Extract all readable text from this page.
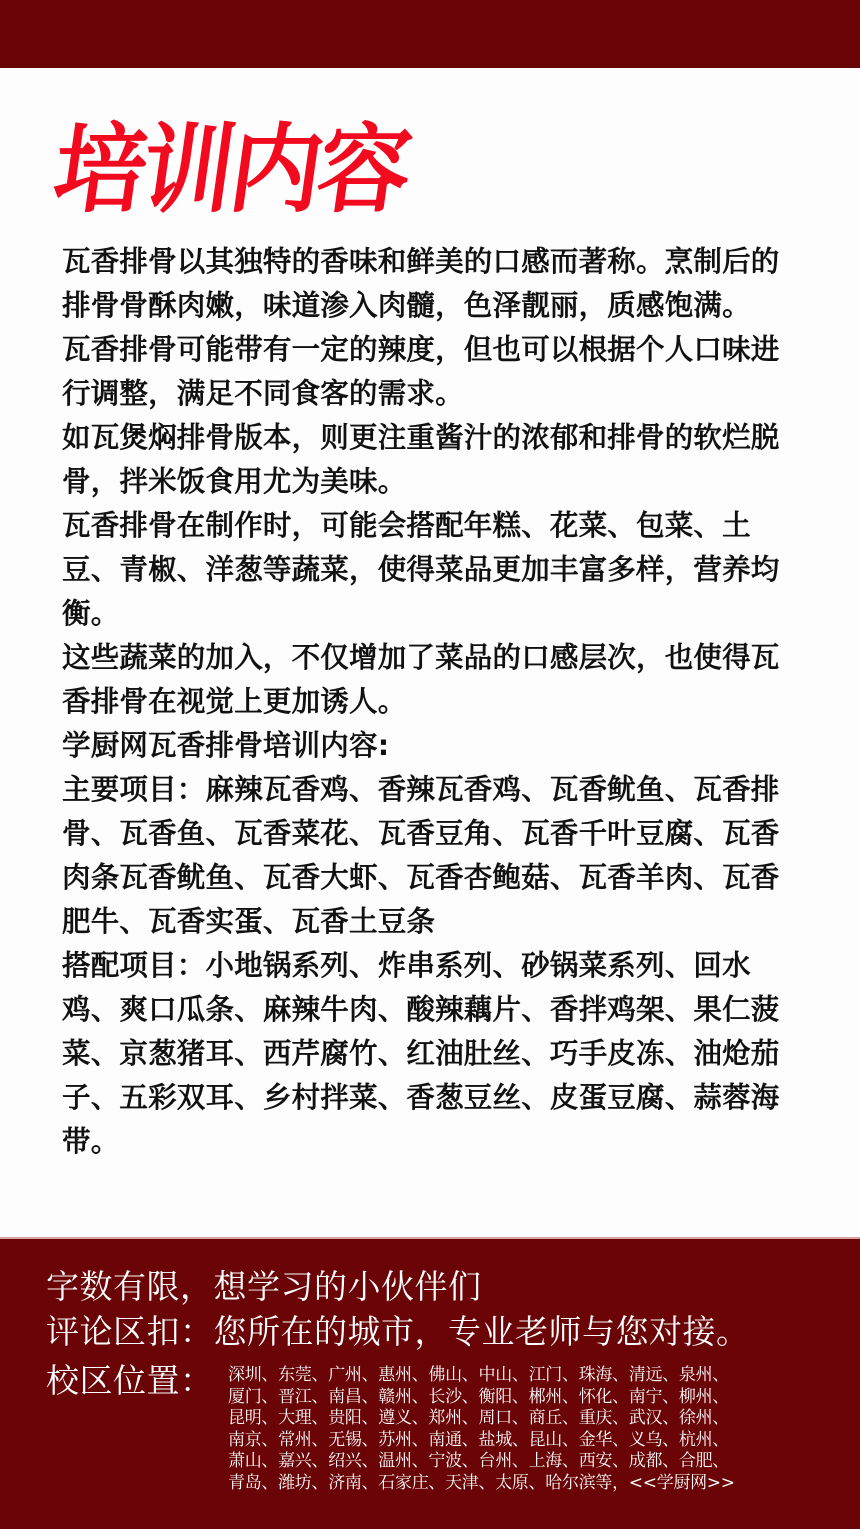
培训内容
瓦香排骨以其独特的香味和鲜美的口感而著称。烹制后的排骨骨酥肉嫩，味道渗入肉髓，色泽靓丽，质感饱满。
瓦香排骨可能带有一定的辣度，但也可以根据个人口味进行调整，满足不同食客的需求。
如瓦煲焖排骨版本，则更注重酱汁的浓郁和排骨的软烂脱骨，拌米饭食用尤为美味。
瓦香排骨在制作时，可能会搭配年糕、花菜、包菜、土豆、青椒、洋葱等蔬菜，使得菜品更加丰富多样，营养均衡。
这些蔬菜的加入，不仅增加了菜品的口感层次，也使得瓦香排骨在视觉上更加诱人。
学厨网瓦香排骨培训内容:
主要项目：麻辣瓦香鸡、香辣瓦香鸡、瓦香鱿鱼、瓦香排骨、瓦香鱼、瓦香菜花、瓦香豆角、瓦香千叶豆腐、瓦香肉条瓦香鱿鱼、瓦香大虾、瓦香杏鲍菇、瓦香羊肉、瓦香肥牛、瓦香实蛋、瓦香土豆条
搭配项目：小地锅系列、炸串系列、砂锅菜系列、回水鸡、爽口瓜条、麻辣牛肉、酸辣藕片、香拌鸡架、果仁菠菜、京葱猪耳、西芹腐竹、红油肚丝、巧手皮冻、油炝茄子、五彩双耳、乡村拌菜、香葱豆丝、皮蛋豆腐、蒜蓉海带。
字数有限，想学习的小伙伴们
评论区扣：您所在的城市，专业老师与您对接。
校区位置： 深圳、东莞、广州、惠州、佛山、中山、江门、珠海、清远、泉州、
厦门、晋江、南昌、赣州、长沙、衡阳、郴州、怀化、南宁、柳州、
昆明、大理、贵阳、遵义、郑州、周口、商丘、重庆、武汉、徐州、
南京、常州、无锡、苏州、南通、盐城、昆山、金华、义乌、杭州、
萧山、嘉兴、绍兴、温州、宁波、台州、上海、西安、成都、合肥、
青岛、潍坊、济南、石家庄、天津、太原、哈尔滨等，<<学厨网>>
